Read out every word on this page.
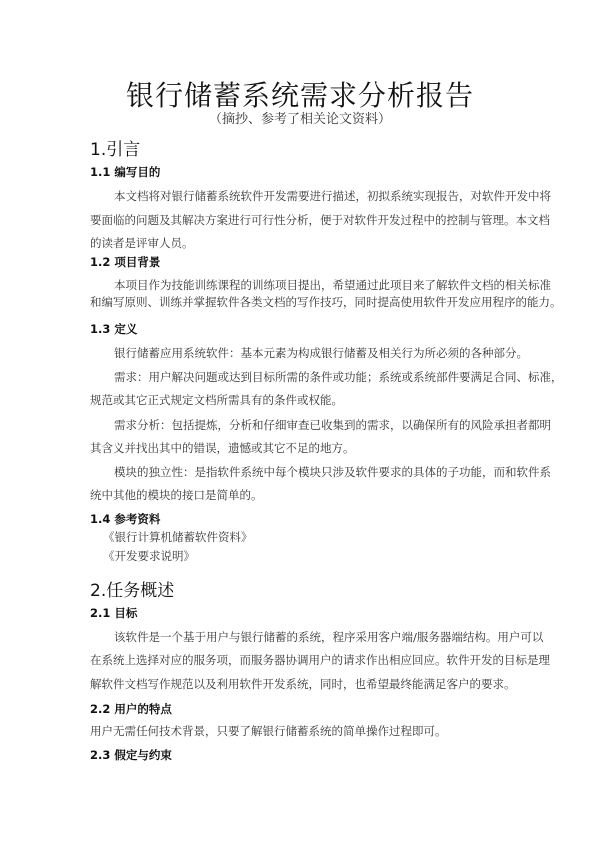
银行储蓄系统需求分析报告
（摘抄、参考了相关论文资料）
1.引言
1.1 编写目的
本文档将对银行储蓄系统软件开发需要进行描述，初拟系统实现报告，对软件开发中将
要面临的问题及其解决方案进行可行性分析，便于对软件开发过程中的控制与管理。本文档
的读者是评审人员。
1.2 项目背景
本项目作为技能训练课程的训练项目提出，希望通过此项目来了解软件文档的相关标准
和编写原则、训练并掌握软件各类文档的写作技巧，同时提高使用软件开发应用程序的能力。
1.3 定义
银行储蓄应用系统软件：基本元素为构成银行储蓄及相关行为所必须的各种部分。
需求：用户解决问题或达到目标所需的条件或功能；系统或系统部件要满足合同、标准，
规范或其它正式规定文档所需具有的条件或权能。
需求分析：包括提炼，分析和仔细审查已收集到的需求，以确保所有的风险承担者都明
其含义并找出其中的错误，遗憾或其它不足的地方。
模块的独立性：是指软件系统中每个模块只涉及软件要求的具体的子功能，而和软件系
统中其他的模块的接口是简单的。
1.4 参考资料
《银行计算机储蓄软件资料》
《开发要求说明》
2.任务概述
2.1 目标
该软件是一个基于用户与银行储蓄的系统，程序采用客户端/服务器端结构。用户可以
在系统上选择对应的服务项，而服务器协调用户的请求作出相应回应。软件开发的目标是理
解软件文档写作规范以及利用软件开发系统，同时，也希望最终能满足客户的要求。
2.2 用户的特点
用户无需任何技术背景，只要了解银行储蓄系统的简单操作过程即可。
2.3 假定与约束
